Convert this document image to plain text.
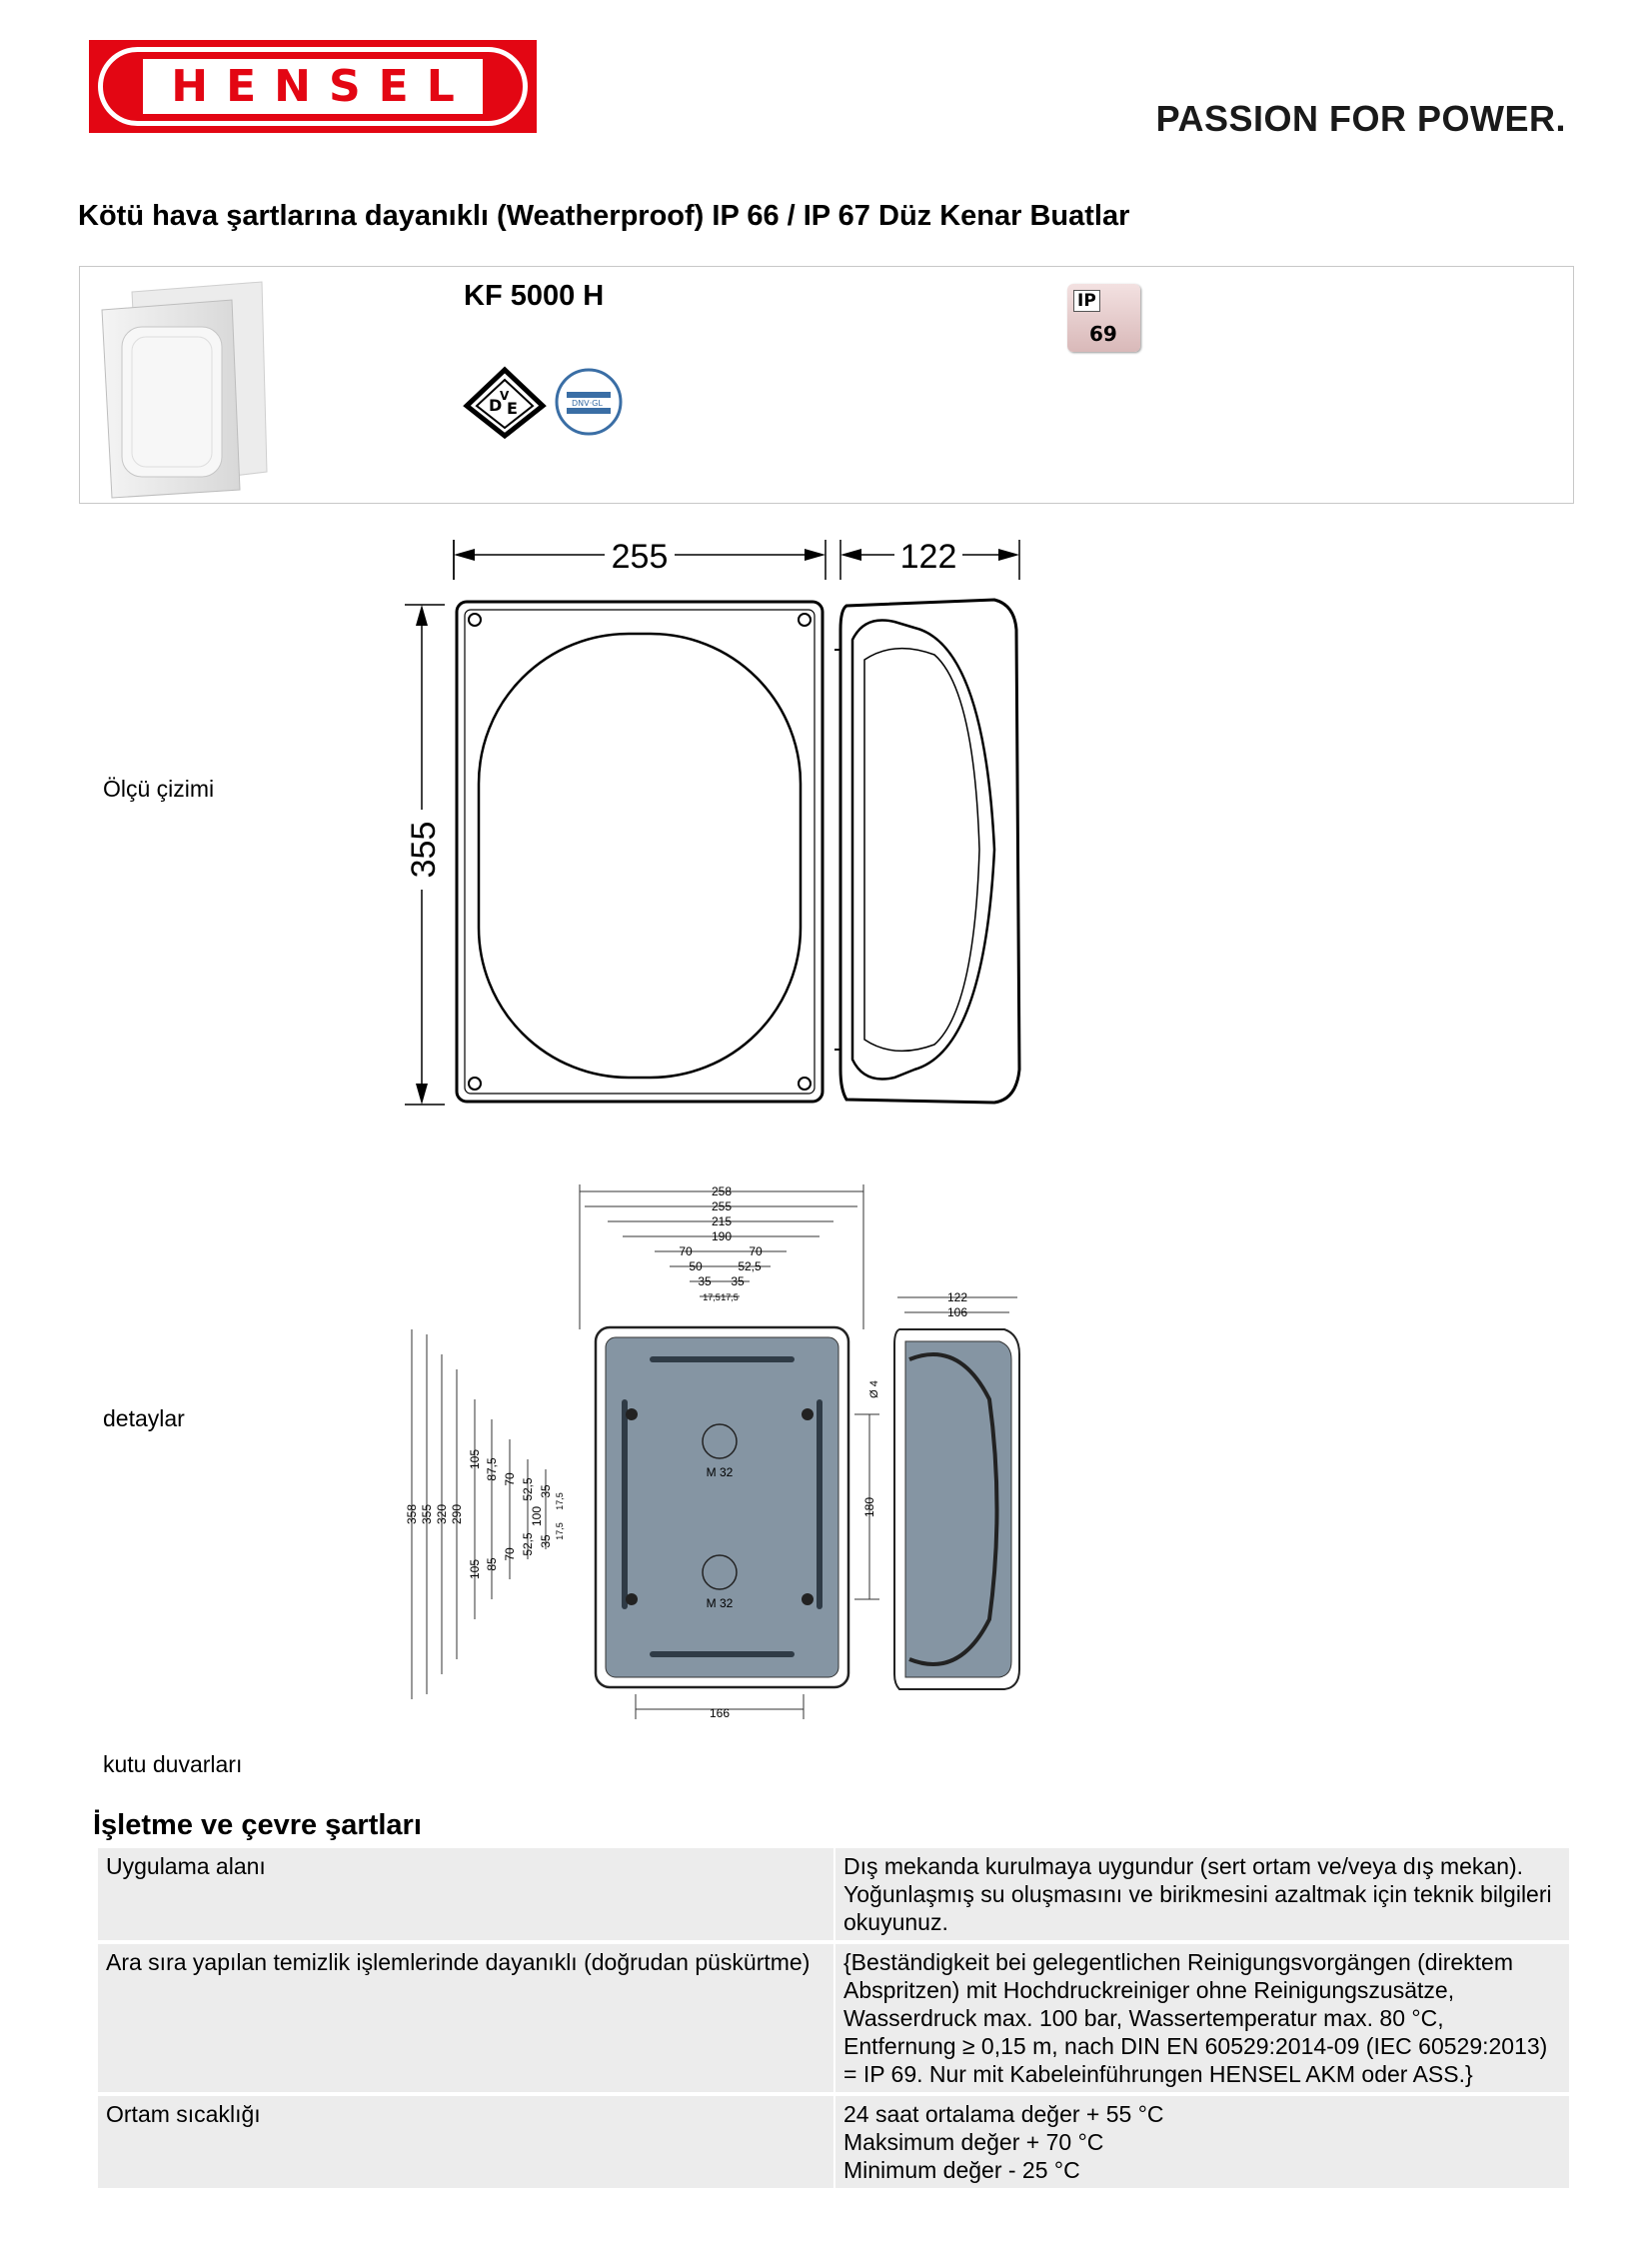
HENSEL
PASSION FOR POWER.
Kötü hava şartlarına dayanıklı (Weatherproof) IP 66 / IP 67 Düz Kenar Buatlar
KF 5000 H
D E
V
DNV·GL
IP
69
Ölçü çizimi
255	122
355
detaylar
258
255
215
190
70	70
50	52,5
35 35
17,5 17,5	122
106
358 355 320 290
105
105
87,5
85
70
70
52,5
52,5
35
35
100
17,5
17,5
M 32
M 32
Ø 4
180
166
kutu duvarları
İşletme ve çevre şartları
Uygulama alanı	Dış mekanda kurulmaya uygundur (sert ortam ve/veya dış mekan).
Yoğunlaşmış su oluşmasını ve birikmesini azaltmak için teknik bilgileri okuyunuz.
Ara sıra yapılan temizlik işlemlerinde dayanıklı (doğrudan püskürtme)	{Beständigkeit bei gelegentlichen Reinigungsvorgängen (direktem Abspritzen) mit Hochdruckreiniger ohne Reinigungszusätze, Wasserdruck max. 100 bar, Wassertemperatur max. 80 °C, Entfernung ≥ 0,15 m, nach DIN EN 60529:2014-09 (IEC 60529:2013) = IP 69. Nur mit Kabeleinführungen HENSEL AKM oder ASS.}
Ortam sıcaklığı	24 saat ortalama değer + 55 °C
Maksimum değer + 70 °C
Minimum değer - 25 °C
